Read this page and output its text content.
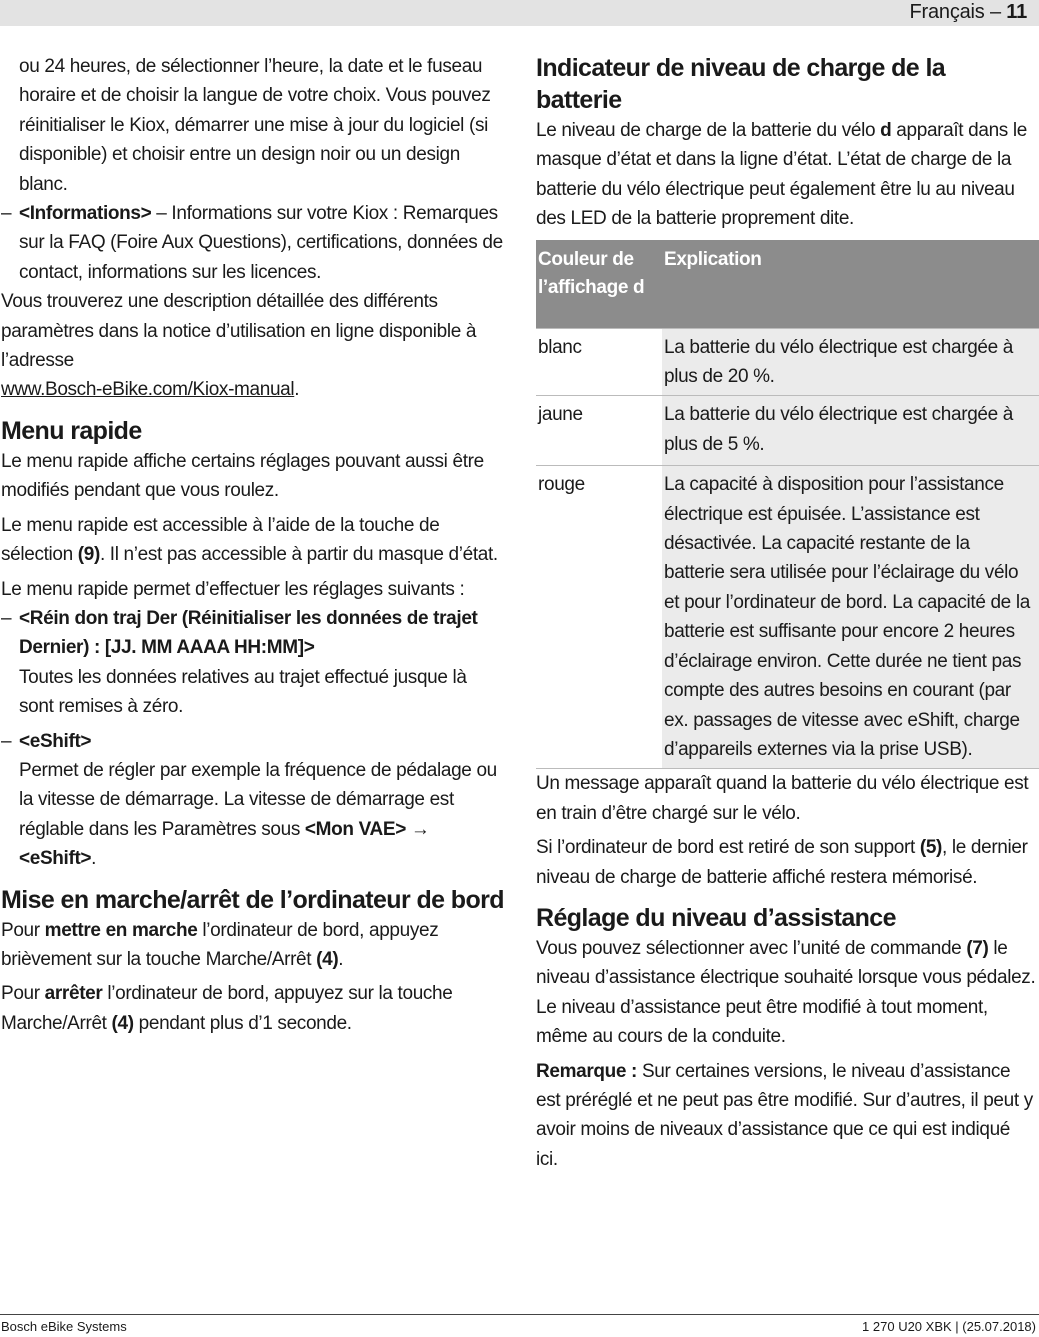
Français – 11

ou 24 heures, de sélectionner l’heure, la date et le fuseau horaire et de choisir la langue de votre choix. Vous pouvez réinitialiser le Kiox, démarrer une mise à jour du logiciel (si disponible) et choisir entre un design noir ou un design blanc.

– <Informations> – Informations sur votre Kiox : Remarques sur la FAQ (Foire Aux Questions), certifications, données de contact, informations sur les licences.

Vous trouverez une description détaillée des différents paramètres dans la notice d’utilisation en ligne disponible à l’adresse
www.Bosch-eBike.com/Kiox-manual.

Menu rapide

Le menu rapide affiche certains réglages pouvant aussi être modifiés pendant que vous roulez.

Le menu rapide est accessible à l’aide de la touche de sélection (9). Il n’est pas accessible à partir du masque d’état.

Le menu rapide permet d’effectuer les réglages suivants :

– <Réin don traj Der (Réinitialiser les données de trajet Dernier) : [JJ. MM AAAA HH:MM]>
Toutes les données relatives au trajet effectué jusque là sont remises à zéro.

– <eShift>
Permet de régler par exemple la fréquence de pédalage ou la vitesse de démarrage. La vitesse de démarrage est réglable dans les Paramètres sous <Mon VAE> → <eShift>.

Mise en marche/arrêt de l’ordinateur de bord

Pour mettre en marche l’ordinateur de bord, appuyez brièvement sur la touche Marche/Arrêt (4).

Pour arrêter l’ordinateur de bord, appuyez sur la touche Marche/Arrêt (4) pendant plus d’1 seconde.

Indicateur de niveau de charge de la batterie

Le niveau de charge de la batterie du vélo d apparaît dans le masque d’état et dans la ligne d’état. L’état de charge de la batterie du vélo électrique peut également être lu au niveau des LED de la batterie proprement dite.

Couleur de l’affichage d	Explication
blanc	La batterie du vélo électrique est chargée à plus de 20 %.
jaune	La batterie du vélo électrique est chargée à plus de 5 %.
rouge	La capacité à disposition pour l’assistance électrique est épuisée. L’assistance est désactivée. La capacité restante de la batterie sera utilisée pour l’éclairage du vélo et pour l’ordinateur de bord. La capacité de la batterie est suffisante pour encore 2 heures d’éclairage environ. Cette durée ne tient pas compte des autres besoins en courant (par ex. passages de vitesse avec eShift, charge d’appareils externes via la prise USB).

Un message apparaît quand la batterie du vélo électrique est en train d’être chargé sur le vélo.

Si l’ordinateur de bord est retiré de son support (5), le dernier niveau de charge de batterie affiché restera mémorisé.

Réglage du niveau d’assistance

Vous pouvez sélectionner avec l’unité de commande (7) le niveau d’assistance électrique souhaité lorsque vous pédalez. Le niveau d’assistance peut être modifié à tout moment, même au cours de la conduite.

Remarque : Sur certaines versions, le niveau d’assistance est préréglé et ne peut pas être modifié. Sur d’autres, il peut y avoir moins de niveaux d’assistance que ce qui est indiqué ici.

Bosch eBike Systems	1 270 U20 XBK | (25.07.2018)
